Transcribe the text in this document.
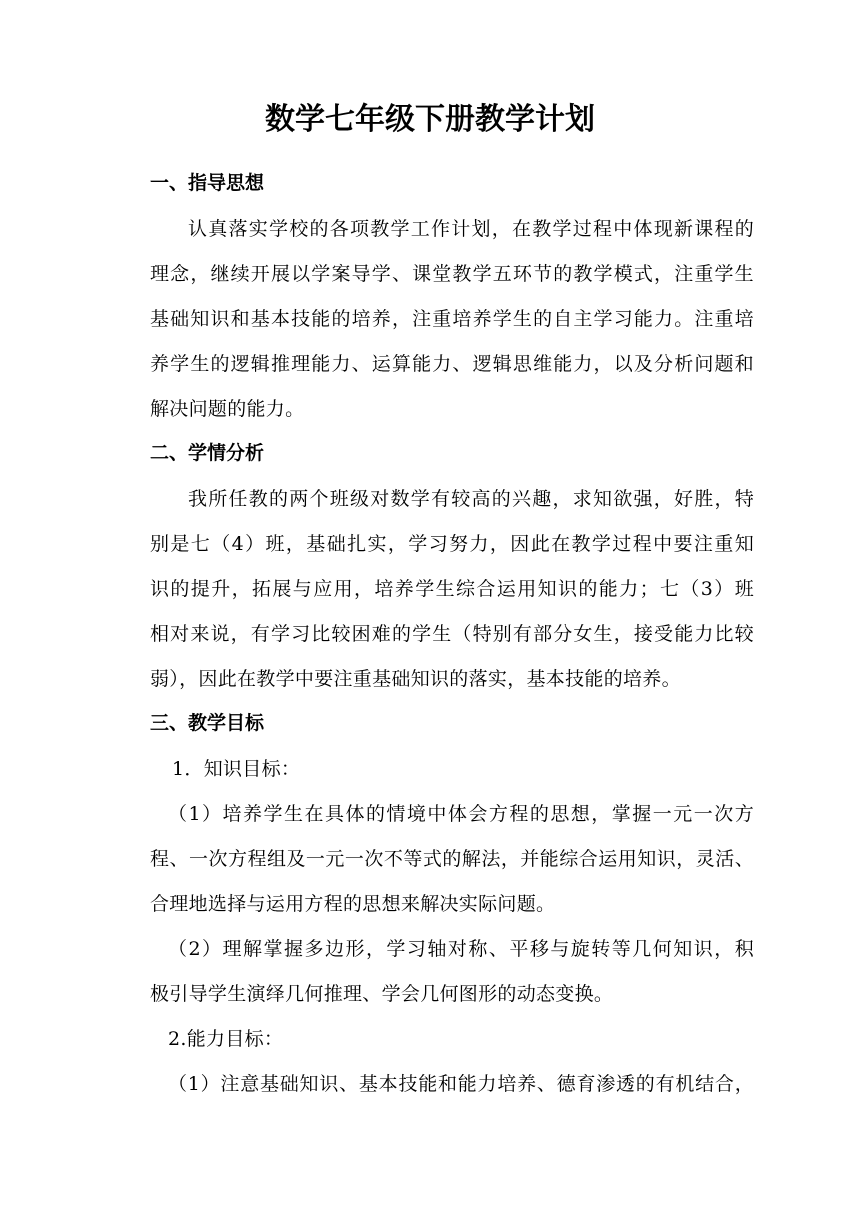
数学七年级下册教学计划
一、指导思想
认真落实学校的各项教学工作计划，在教学过程中体现新课程的
理念，继续开展以学案导学、课堂教学五环节的教学模式，注重学生
基础知识和基本技能的培养，注重培养学生的自主学习能力。注重培
养学生的逻辑推理能力、运算能力、逻辑思维能力，以及分析问题和
解决问题的能力。
二、学情分析
我所任教的两个班级对数学有较高的兴趣，求知欲强，好胜，特
别是七（4）班，基础扎实，学习努力，因此在教学过程中要注重知
识的提升，拓展与应用，培养学生综合运用知识的能力；七（3）班
相对来说，有学习比较困难的学生（特别有部分女生，接受能力比较
弱），因此在教学中要注重基础知识的落实，基本技能的培养。
三、教学目标
1．知识目标：
（1）培养学生在具体的情境中体会方程的思想，掌握一元一次方
程、一次方程组及一元一次不等式的解法，并能综合运用知识，灵活、
合理地选择与运用方程的思想来解决实际问题。
（2）理解掌握多边形，学习轴对称、平移与旋转等几何知识，积
极引导学生演绎几何推理、学会几何图形的动态变换。
2.能力目标：
（1）注意基础知识、基本技能和能力培养、德育渗透的有机结合，
